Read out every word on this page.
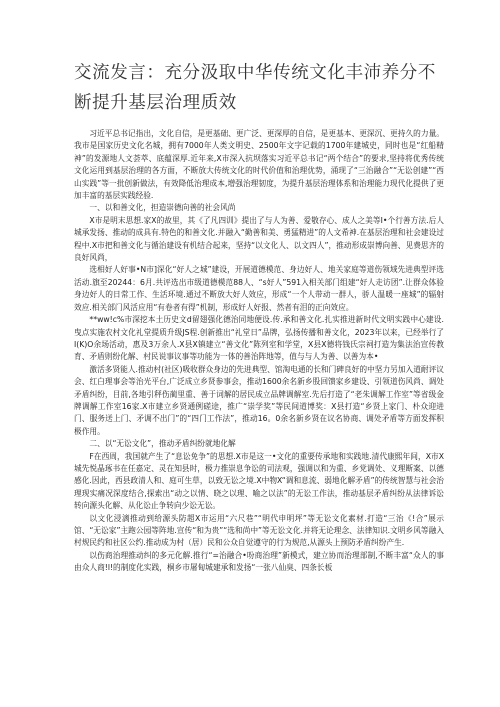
交流发言：充分汲取中华传统文化丰沛养分不断提升基层治理质效

习近平总书记指出，文化自信，是更基础、更广泛、更深厚的自信，是更基本、更深沉、更持久的力量。我市是国家历史文化名城，拥有7000年人类文明史、2500年文字记载的1700年建城史，同时也是“红船精神”的发源地人文荟萃、底蕴深厚.近年来,X市深入抗坝落实习近平总书记“两个结合”的要求,坚持将优秀传统文化运用到基层治理的各方面，不断放大传统文化的时代价值和治理优势，涌现了“三治融合”“无讼创建”“西山实践”等一批创新做法，有效降低治理成本,增强治理韧度，为提升基层治理体系和治理能力现代化提供了更加丰富的基层实践经验.

一、以和善文化，担造崇德向善的社会风尚

X市是明末思想.家X的故里，其《了凡四训》提出了与人为善、爱敬存心、成人之美等I•个行善方法.后人城承发扬、推动的成具有.特色的和善文化.并融入“勤善和美、勇猛精进”的人文希神.在基层治理和社会建设过程中.X市把和善文化与循治建设有机结合起来，坚持“以文化人、以文四人”，推动形成崇博向善、见费思齐的良好风尚，

选相好人好事•N市]深化“好人之城”建设，开展道德模范、身边好人、地关家庭等道伤领域先进典型评选活动.旗至20244：6月.共评选出市级道德模范88人、“s好人”591入相关部门组建“好人走访团”.让群众体验身边好人的日常工作、生活环境.通过不断放大好人效应，形成“一个人带动一群人，骄人温暖一座城”的辐射效应.相关部门风活应用“有卷者有得”机制，形成好人好报、然者有泪的正向效应。

**ww!c%市深挖本土历史文d留翅强化德治同地便设.传.承和善文化.扎实推进新时代文明实践中心建设.曳点实施农村文化礼堂提质升级JS程.创新推出“礼堂日”品牌，弘扬传播和善文化，2023年以来，已经举行了I(K)O余场活动，惠及3万余人.X县X镇建立“善文化”陈列室和学堂，X县X德将钱氏宗祠打造为集法治宣传教育、矛盾则纷化解、村民说事议事等功能为一体的善治阵地等，值与与人为善、以善为本•

激活多贤能人.推动村(社区)吸收群众身边的先进典型、馆淘电通的长和门碑良好的中坚力另加入道耐评议会、红白理事会等治光平台,广泛成立乡贤参事会，推动1600余名新乡股回馈家乡建设、引领道伤风尚、调处矛盾纠纷，目前,各地引秤伤蔺里重、善于词解的居民成立品牌调解室.先后打造了“老朱调解工作室”等省级金牌调解工作室16家.X市建立乡贤通例磋途，推广“崇学奖”等民间道博奖：X县打造“乡贤上家门、朴众迎进门、服务送上门、矛调不出门”的“四门工作法”，推动16。0余名新乡贤在议名协商、调处矛盾等方面发挥积极作用。

二、以“无讼文化”，推动矛盾纠纷就地化解

F在西周，我国就产生了“息讼免争”的思想.X市是这一•文化的重要传承地和实践地.清代康熙年间，X市X城先悦晶琢书在任嘉定、灵在知县时，极力推崇息争讼的司法观，强调以和为重、乡党调处、义理断案、以德感化.因此，西县政清人和、庭可生草，以致无讼之境.X中物X“调和息流、弱地化解矛盾”的传统智慧与社会治理现实痛况深度结合,探索出“动之以情、晓之以理、喻之以法”的无讼工作法，推动基层矛盾纠纷从法律诉讼转向源头化解、从化讼止争转向少讼无讼。

以文化浸漓推动到给源头防超X市运用“六尺巷”“明代申明坪”等无讼文化素材.打造“三治《!合”展示馆、“无讼家”主跑公园等阵地.宣传“和为贵”“选和尚中”等无讼文化.并将无论理念、法律知识.文明乡风等融入村规民约和社区公约.推动成为村（居）民和公众自觉遵守的行为规范,从源头上预防矛盾纠纷产生.

以伤商治理推动纠的多元化解.推行“=治融合•吩商治理”新模式，建立协而治理部制,不断丰富“众人的事由众人商!l!的制度化实践，桐乡市屠甸城建承和发扬“一张八仙臭、四条长板
